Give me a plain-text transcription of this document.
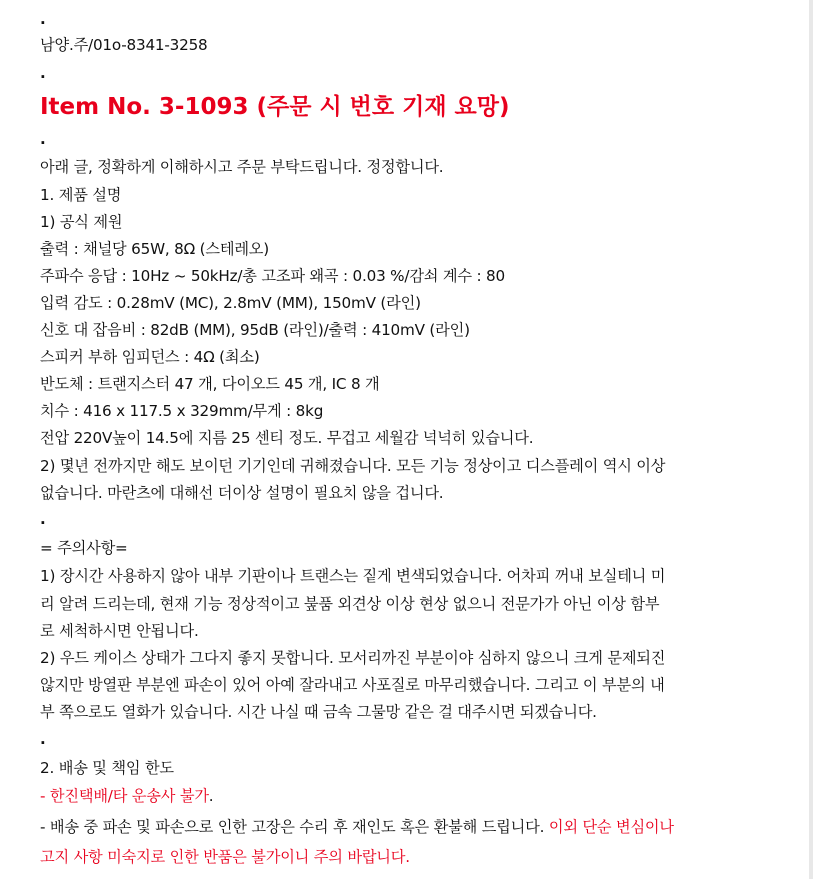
.
남양.주/01o-8341-3258
.
Item No. 3-1093 (주문 시 번호 기재 요망)
.
아래 글, 정확하게 이해하시고 주문 부탁드립니다. 정정합니다.
1. 제품 설명
1) 공식 제원
출력 : 채널당 65W, 8Ω (스테레오)
주파수 응답 : 10Hz ~ 50kHz/총 고조파 왜곡 : 0.03 %/감쇠 계수 : 80
입력 감도 : 0.28mV (MC), 2.8mV (MM), 150mV (라인)
신호 대 잡음비 : 82dB (MM), 95dB (라인)/출력 : 410mV (라인)
스피커 부하 임피던스 : 4Ω (최소)
반도체 : 트랜지스터 47 개, 다이오드 45 개, IC 8 개
치수 : 416 x 117.5 x 329mm/무게 : 8kg
전압 220V높이 14.5에 지름 25 센티 정도. 무겁고 세월감 넉넉히 있습니다.
2) 몇년 전까지만 해도 보이던 기기인데 귀해졌습니다. 모든 기능 정상이고 디스플레이 역시 이상
없습니다. 마란츠에 대해선 더이상 설명이 필요치 않을 겁니다.
.
= 주의사항=
1) 장시간 사용하지 않아 내부 기판이나 트랜스는 짙게 변색되었습니다. 어차피 꺼내 보실테니 미
리 알려 드리는데, 현재 기능 정상적이고 붚품 외견상 이상 현상 없으니 전문가가 아닌 이상 함부
로 세척하시면 안됩니다.
2) 우드 케이스 상태가 그다지 좋지 못합니다. 모서리까진 부분이야 심하지 않으니 크게 문제되진
않지만 방열판 부분엔 파손이 있어 아예 잘라내고 사포질로 마무리했습니다. 그리고 이 부분의 내
부 쪽으로도 열화가 있습니다. 시간 나실 때 금속 그물망 같은 걸 대주시면 되겠습니다.
.
2. 배송 및 책임 한도
- 한진택배/타 운송사 불가.
- 배송 중 파손 및 파손으로 인한 고장은 수리 후 재인도 혹은 환불해 드립니다. 이외 단순 변심이나
고지 사항 미숙지로 인한 반품은 불가이니 주의 바랍니다.
